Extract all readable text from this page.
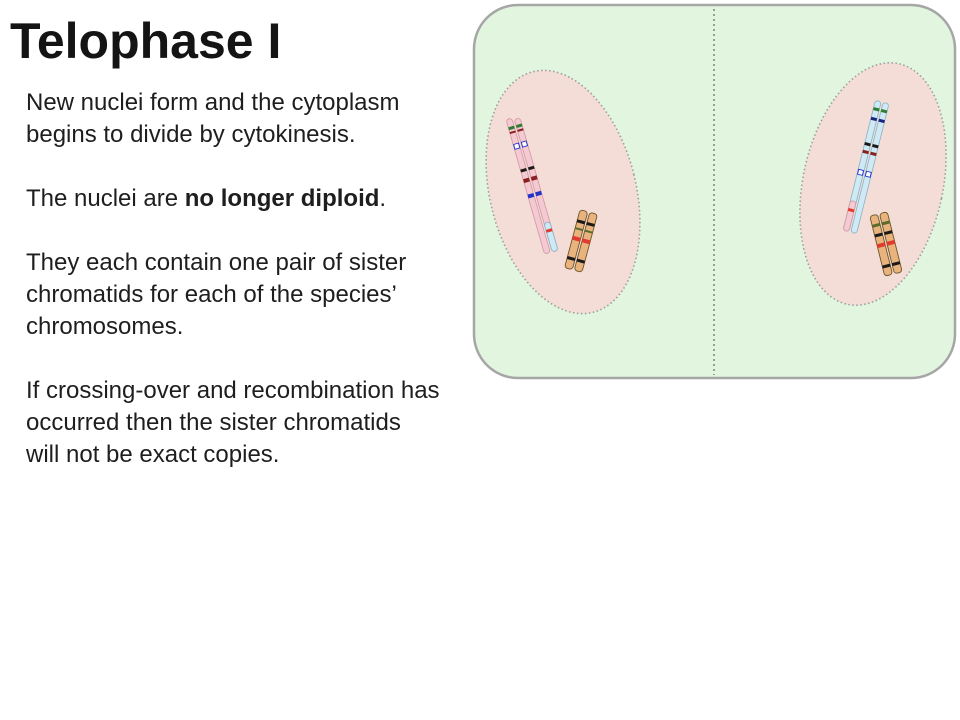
Telophase I

New nuclei form and the cytoplasm
begins to divide by cytokinesis.

The nuclei are no longer diploid.

They each contain one pair of sister
chromatids for each of the species’
chromosomes.

If crossing-over and recombination has
occurred then the sister chromatids
will not be exact copies.
